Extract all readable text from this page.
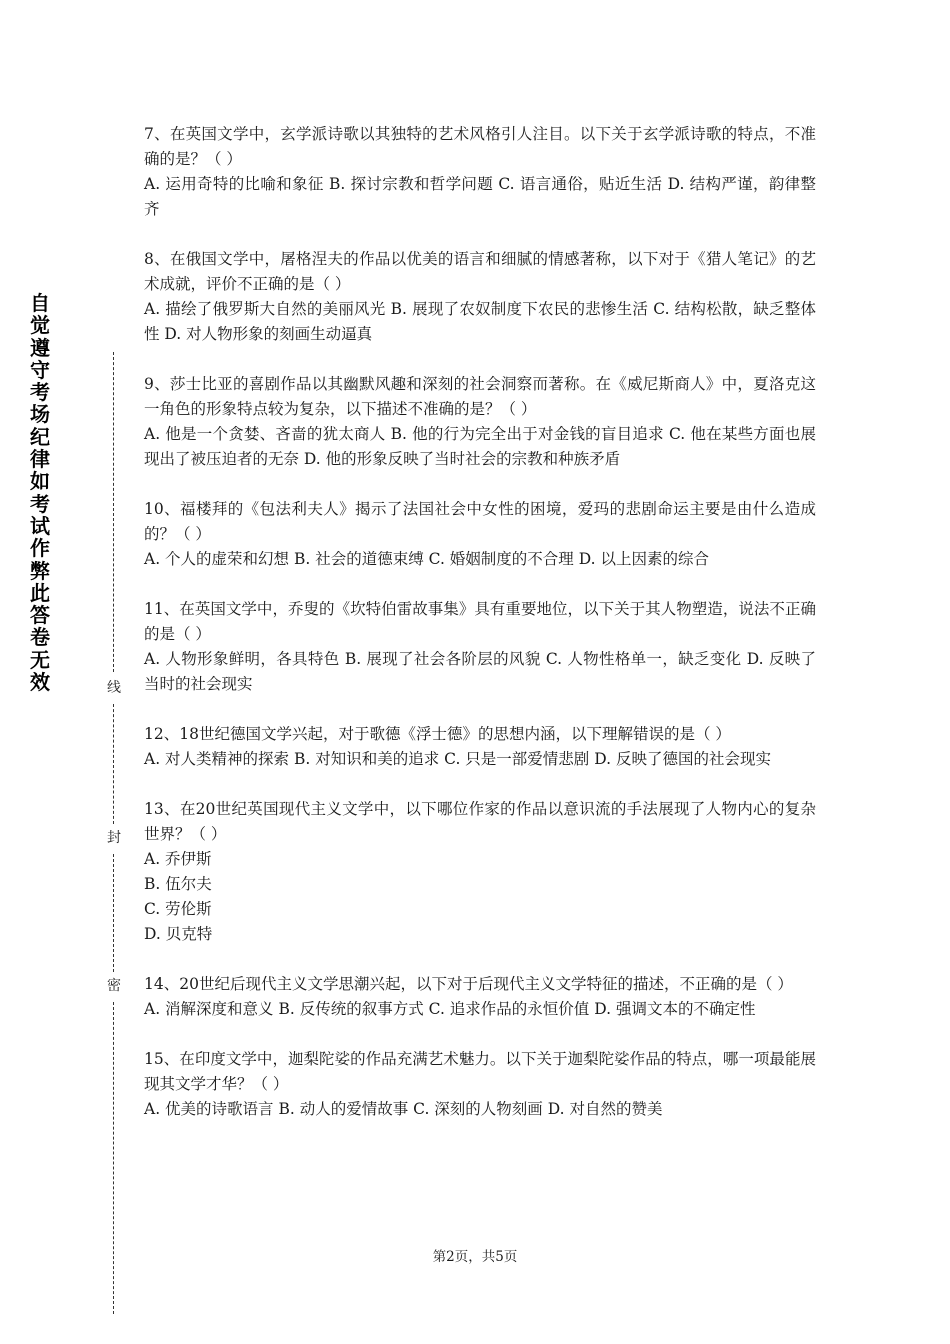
自觉遵守考场纪律如考试作弊此答卷无效	线
封
密
7、在英国文学中，玄学派诗歌以其独特的艺术风格引人注目。以下关于玄学派诗歌的特点，不准确的是？（ ）
A. 运用奇特的比喻和象征 B. 探讨宗教和哲学问题 C. 语言通俗，贴近生活 D. 结构严谨，韵律整齐
8、在俄国文学中，屠格涅夫的作品以优美的语言和细腻的情感著称，以下对于《猎人笔记》的艺术成就，评价不正确的是（ ）
A. 描绘了俄罗斯大自然的美丽风光 B. 展现了农奴制度下农民的悲惨生活 C. 结构松散，缺乏整体性 D. 对人物形象的刻画生动逼真
9、莎士比亚的喜剧作品以其幽默风趣和深刻的社会洞察而著称。在《威尼斯商人》中，夏洛克这一角色的形象特点较为复杂，以下描述不准确的是？（ ）
A. 他是一个贪婪、吝啬的犹太商人 B. 他的行为完全出于对金钱的盲目追求 C. 他在某些方面也展现出了被压迫者的无奈 D. 他的形象反映了当时社会的宗教和种族矛盾
10、福楼拜的《包法利夫人》揭示了法国社会中女性的困境，爱玛的悲剧命运主要是由什么造成的？（ ）
A. 个人的虚荣和幻想 B. 社会的道德束缚 C. 婚姻制度的不合理 D. 以上因素的综合
11、在英国文学中，乔叟的《坎特伯雷故事集》具有重要地位，以下关于其人物塑造，说法不正确的是（ ）
A. 人物形象鲜明，各具特色 B. 展现了社会各阶层的风貌 C. 人物性格单一，缺乏变化 D. 反映了当时的社会现实
12、18世纪德国文学兴起，对于歌德《浮士德》的思想内涵，以下理解错误的是（ ）
A. 对人类精神的探索 B. 对知识和美的追求 C. 只是一部爱情悲剧 D. 反映了德国的社会现实
13、在20世纪英国现代主义文学中，以下哪位作家的作品以意识流的手法展现了人物内心的复杂世界？（ ）
A. 乔伊斯
B. 伍尔夫
C. 劳伦斯
D. 贝克特
14、20世纪后现代主义文学思潮兴起，以下对于后现代主义文学特征的描述，不正确的是（ ）
A. 消解深度和意义 B. 反传统的叙事方式 C. 追求作品的永恒价值 D. 强调文本的不确定性
15、在印度文学中，迦梨陀娑的作品充满艺术魅力。以下关于迦梨陀娑作品的特点，哪一项最能展现其文学才华？（ ）
A. 优美的诗歌语言 B. 动人的爱情故事 C. 深刻的人物刻画 D. 对自然的赞美
第2页，共5页
